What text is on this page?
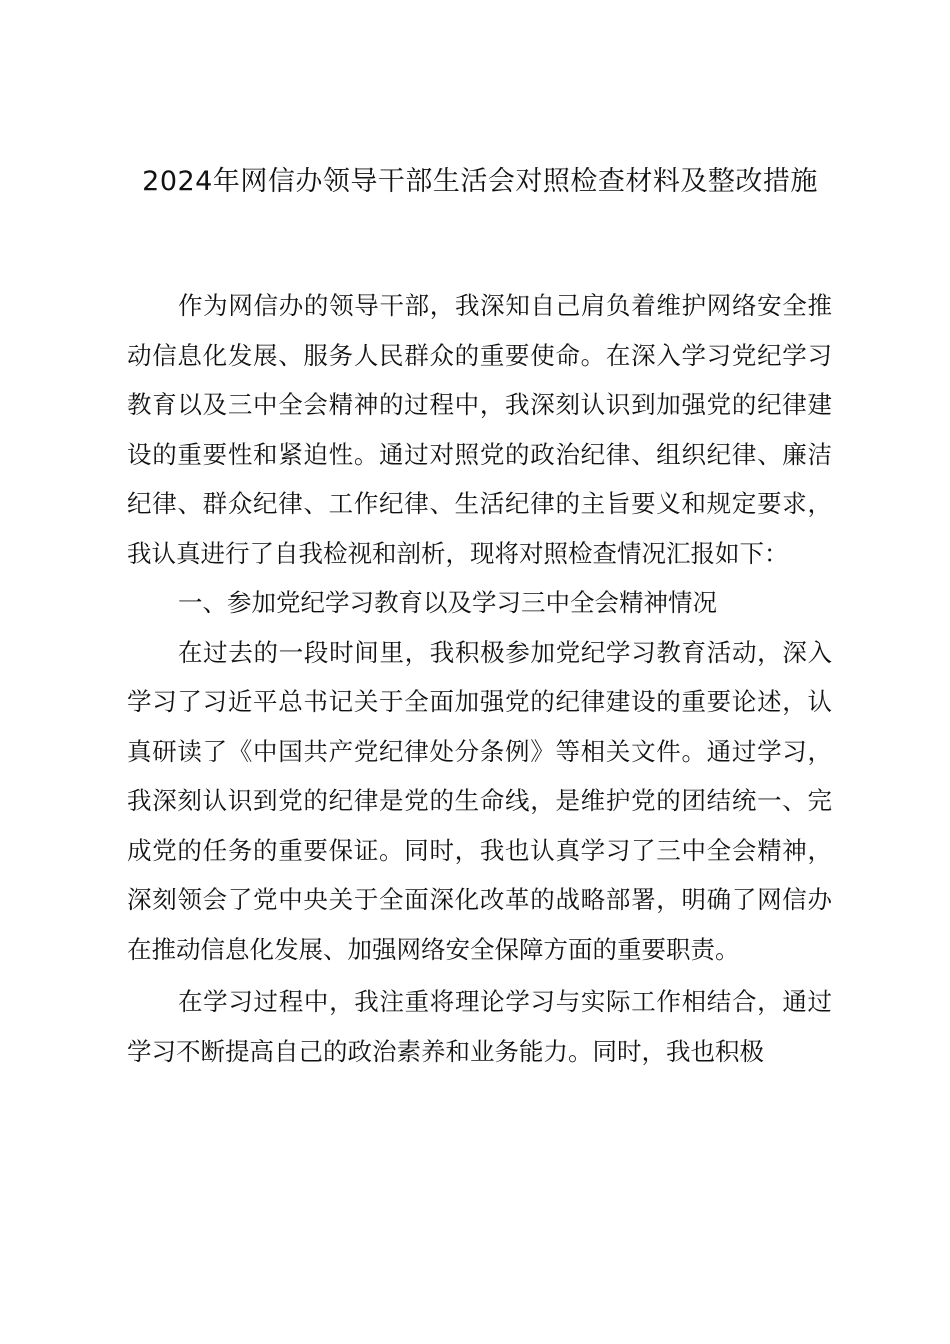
2024年网信办领导干部生活会对照检查材料及整改措施

作为网信办的领导干部，我深知自己肩负着维护网络安全推动信息化发展、服务人民群众的重要使命。在深入学习党纪学习教育以及三中全会精神的过程中，我深刻认识到加强党的纪律建设的重要性和紧迫性。通过对照党的政治纪律、组织纪律、廉洁纪律、群众纪律、工作纪律、生活纪律的主旨要义和规定要求，我认真进行了自我检视和剖析，现将对照检查情况汇报如下：

一、参加党纪学习教育以及学习三中全会精神情况

在过去的一段时间里，我积极参加党纪学习教育活动，深入学习了习近平总书记关于全面加强党的纪律建设的重要论述，认真研读了《中国共产党纪律处分条例》等相关文件。通过学习，我深刻认识到党的纪律是党的生命线，是维护党的团结统一、完成党的任务的重要保证。同时，我也认真学习了三中全会精神，深刻领会了党中央关于全面深化改革的战略部署，明确了网信办在推动信息化发展、加强网络安全保障方面的重要职责。

在学习过程中，我注重将理论学习与实际工作相结合，通过学习不断提高自己的政治素养和业务能力。同时，我也积极
